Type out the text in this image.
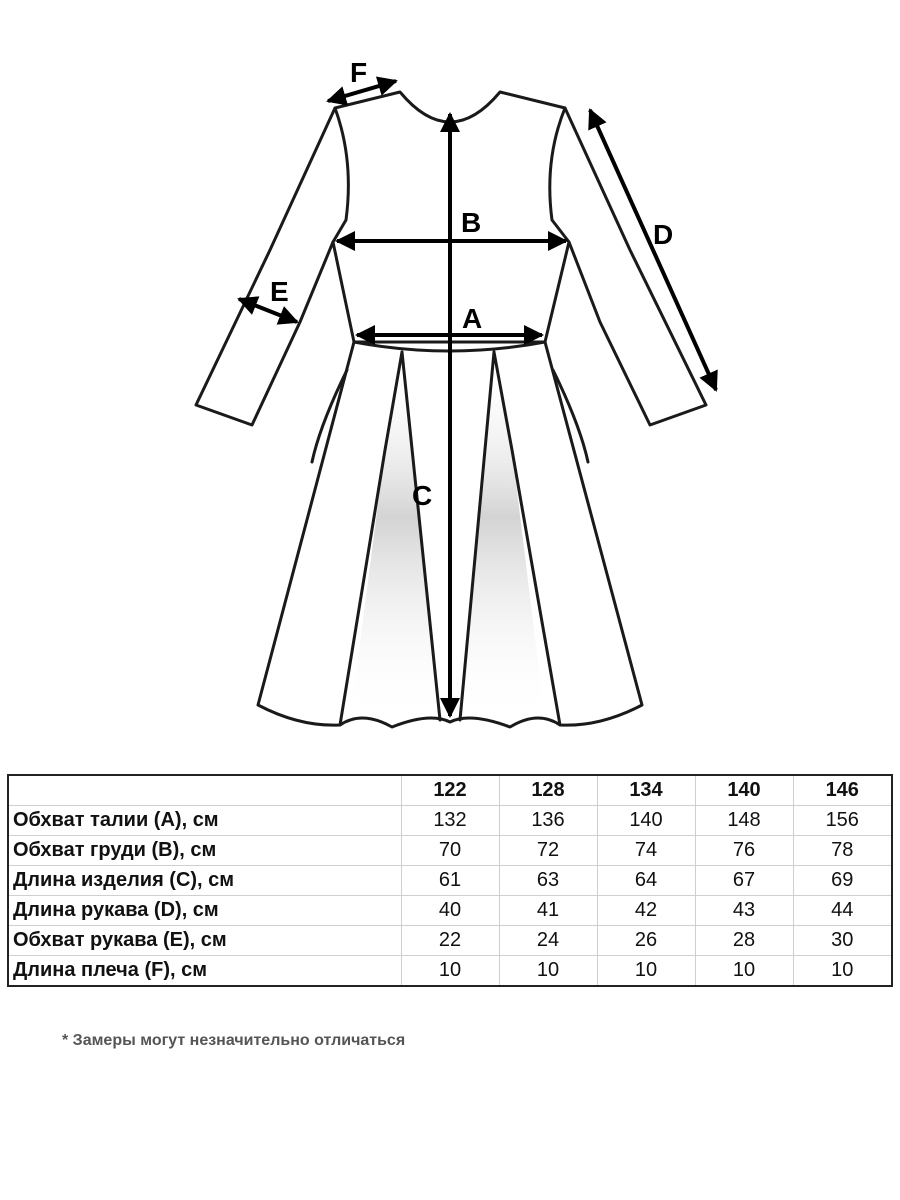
A
B
C
D
E
F
	122	128	134	140	146
Обхват талии (A), см	132	136	140	148	156
Обхват груди (B), см	70	72	74	76	78
Длина изделия (C), см	61	63	64	67	69
Длина рукава (D), см	40	41	42	43	44
Обхват рукава (E), см	22	24	26	28	30
Длина плеча (F), см	10	10	10	10	10
* Замеры могут незначительно отличаться
